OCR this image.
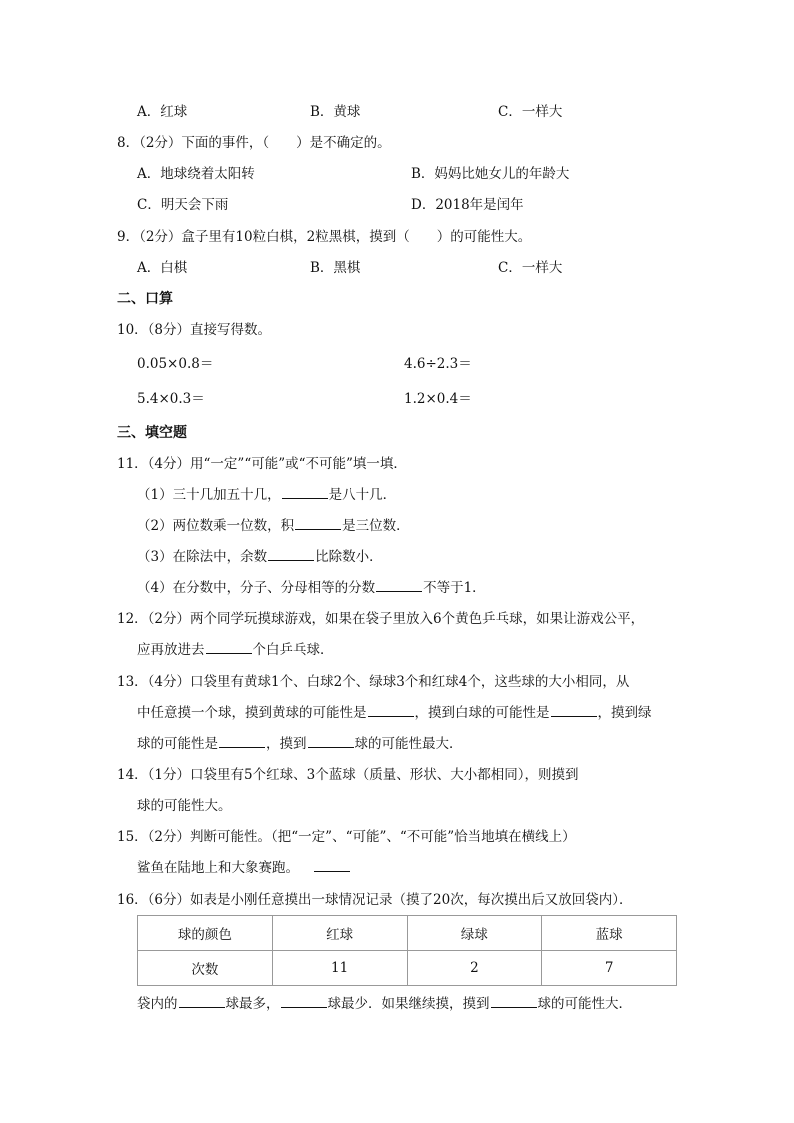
A．红球	B．黄球	C．一样大
8．（2分）下面的事件，（　　）是不确定的。
A．地球绕着太阳转	B．妈妈比她女儿的年龄大
C．明天会下雨	D．2018年是闰年
9．（2分）盒子里有10粒白棋，2粒黑棋，摸到（　　）的可能性大。
A．白棋	B．黑棋	C．一样大
二、口算
10．（8分）直接写得数。
0.05×0.8＝	4.6÷2.3＝
5.4×0.3＝	1.2×0.4＝
三、填空题
11．（4分）用“一定”“可能”或“不可能”填一填．
（1）三十几加五十几，	是八十几．
（2）两位数乘一位数，积	是三位数．
（3）在除法中，余数	比除数小．
（4）在分数中，分子、分母相等的分数	不等于1．
12．（2分）两个同学玩摸球游戏，如果在袋子里放入6个黄色乒乓球，如果让游戏公平，
应再放进去	个白乒乓球．
13．（4分）口袋里有黄球1个、白球2个、绿球3个和红球4个，这些球的大小相同，从
中任意摸一个球，摸到黄球的可能性是	，摸到白球的可能性是	，摸到绿
球的可能性是	，摸到	球的可能性最大．
14．（1分）口袋里有5个红球、3个蓝球（质量、形状、大小都相同），则摸到
球的可能性大。
15．（2分）判断可能性。（把“一定”、“可能”、“不可能”恰当地填在横线上）
鲨鱼在陆地上和大象赛跑。
16．（6分）如表是小刚任意摸出一球情况记录（摸了20次，每次摸出后又放回袋内）．
球的颜色	红球	绿球	蓝球
次数	11	2	7
袋内的	球最多，	球最少．如果继续摸，摸到	球的可能性大．
